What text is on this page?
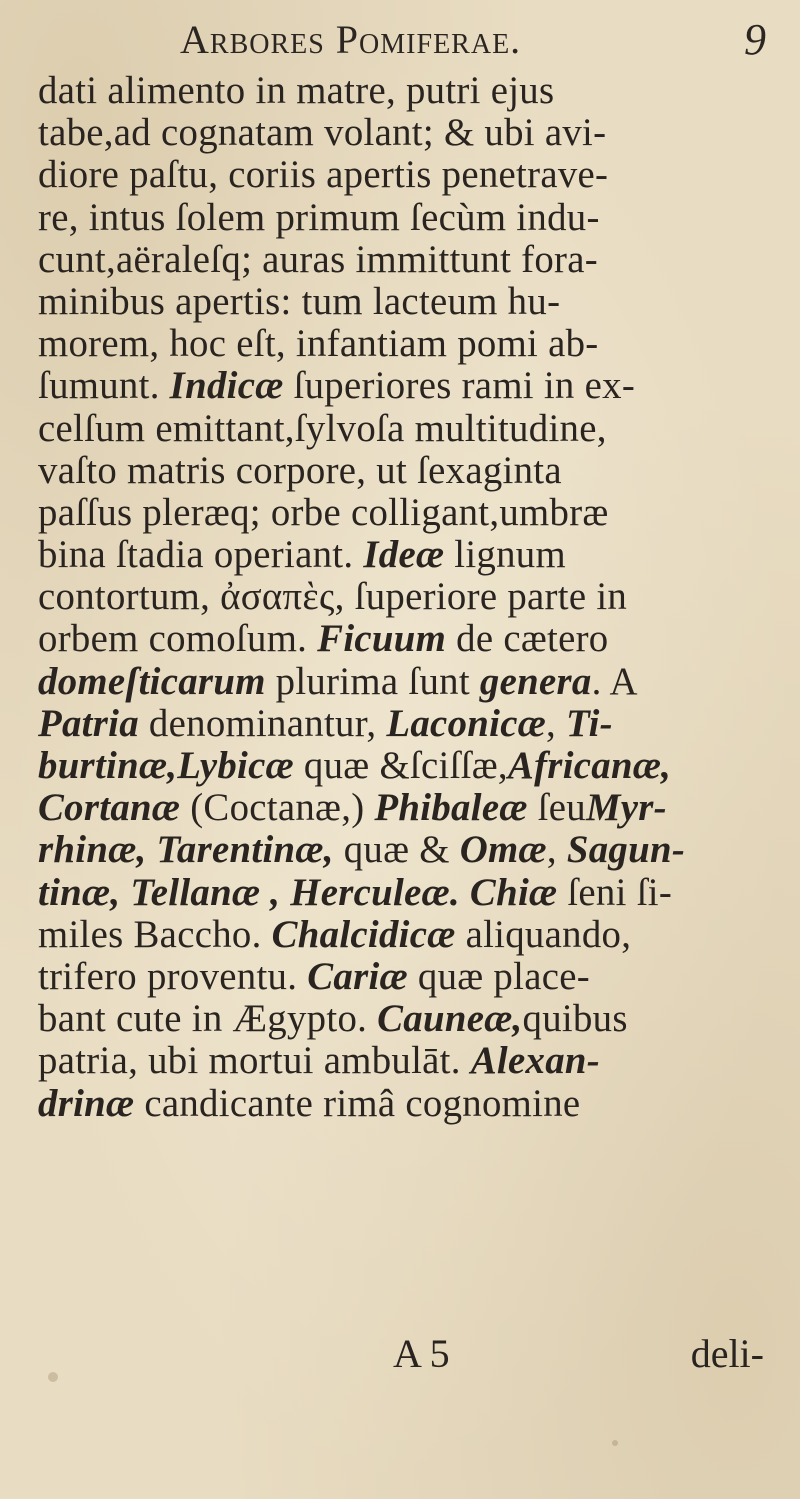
Arbores Pomiferae.	9
dati alimento in matre, putri ejus
tabe,ad cognatam volant; & ubi avi-
diore paſtu, coriis apertis penetrave-
re, intus ſolem primum ſecùm indu-
cunt,aëraleſq; auras immittunt fora-
minibus apertis: tum lacteum hu-
morem, hoc eſt, infantiam pomi ab-
ſumunt. Indicæ ſuperiores rami in ex-
celſum emittant,ſylvoſa multitudine,
vaſto matris corpore, ut ſexaginta
paſſus pleræq; orbe colligant,umbræ
bina ſtadia operiant. Ideæ lignum
contortum, ἀσαπὲς, ſuperiore parte in
orbem comoſum. Ficuum de cætero
domeſticarum plurima ſunt genera. A
Patria denominantur, Laconicæ, Ti-
burtinæ,Lybicæ quæ &ſciſſæ,Africanæ,
Cortanæ (Coctanæ,) Phibaleæ ſeuMyr-
rhinæ, Tarentinæ, quæ & Omæ, Sagun-
tinæ, Tellanæ , Herculeæ. Chiæ ſeni ſi-
miles Baccho. Chalcidicæ aliquando,
trifero proventu. Cariæ quæ place-
bant cute in Ægypto. Cauneæ,quibus
patria, ubi mortui ambulāt. Alexan-
drinæ candicante rimâ cognomine
A 5	deli-
